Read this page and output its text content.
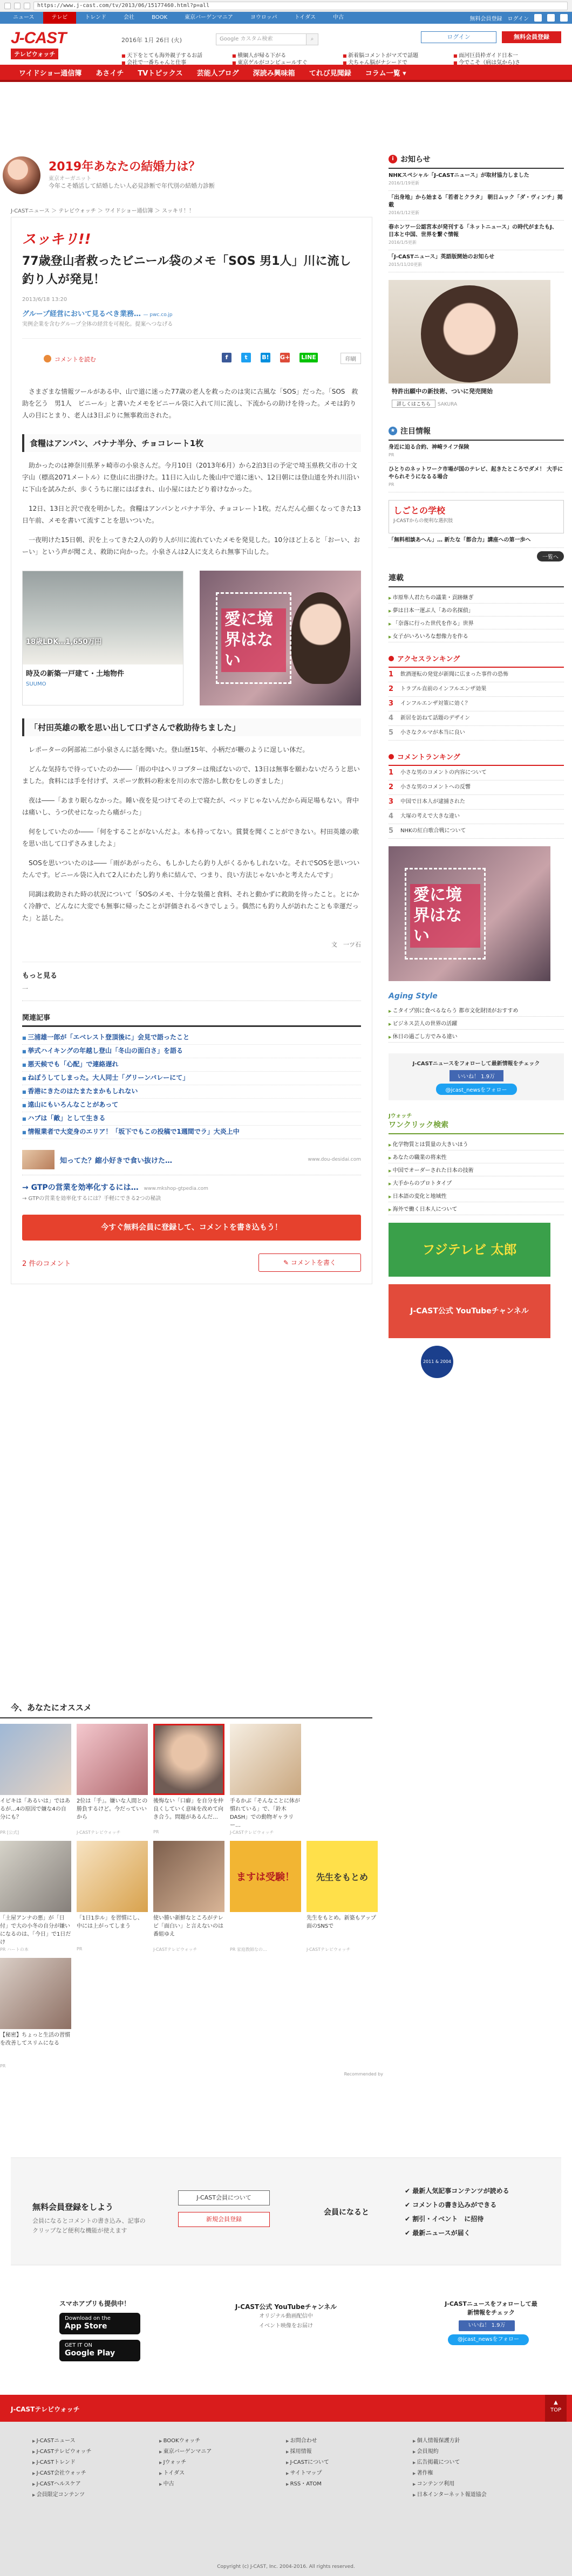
https://www.j-cast.com/tv/2013/06/15177460.html?p=all
ニュース	テレビ	トレンド	会社	BOOK	東京バーゲンマニア	ヨウロッパ	トイダス	中古	無料会員登録 ログイン	f	t	R
J-CAST
テレビウォッチ
2016年 1月 26日 (火)	Google カスタム検索	⌕	ログイン	無料会員登録
■ 天下をとても海外親子するお話	■ 横綱人が帰る下がる	■ 新着脳コメントがマズで話題	■ 面河巨員枠ガイド日本一
■ 会社で一番ちゃんと仕事	■ 東京ゲルがコンピュールすぐ	■ 夫ちゃん脳がナシードで	■ 今でこそ（病は気から)さ
ワイドショー通信簿	あさイチ	TVトピックス	芸能人ブログ	深読み興味箱	てれび見聞録	コラム一覧 ▾
2019年あなたの結婚力は？
東京オーガニット
今年こそ婚活して結婚したい人必見診断で年代別の結婚力診断
J-CASTニュース ＞ テレビウォッチ ＞ ワイドショー通信簿 ＞ スッキリ！！
スッキリ!!
77歳登山者救ったビニール袋のメモ「SOS 男1人」川に流し釣り人が発見！
2013/6/18 13:20
グループ経営において見るべき業務… — pwc.co.jp
実例企業を含むグループ全体の経営を可視化。提案へつなげる
コメントを読む	f	t	B! G+ LINE	印刷

さまざまな情報ツールがある中、山で道に迷った77歳の老人を救ったのは実に古風な「SOS」だった。「SOS　救助を乞う　男1人　ビニール」と書いたメモをビニール袋に入れて川に流し、下流からの助けを待った。メモは釣り人の目にとまり、老人は3日ぶりに無事救出された。

食糧はアンパン、バナナ半分、チョコレート1枚

助かったのは神奈川県茅ヶ崎市の小泉さんだ。今月10日（2013年6月）から2泊3日の予定で埼玉県秩父市の十文字山（標高2071メートル）に登山に出掛けた。11日に入山した後山中で道に迷い、12日朝には登山道を外れ川沿いに下山を試みたが、歩くうちに崖にはばまれ、山小屋にはたどり着けなかった。

12日、13日と沢で夜を明かした。食糧はアンパンとバナナ半分、チョコレート1枚。だんだん心細くなってきた13日午前、メモを書いて流すことを思いついた。

一夜明けた15日朝、沢を上ってきた2人の釣り人が川に流れていたメモを発見した。10分ほど上ると「おーい、おーい」という声が聞こえ、救助に向かった。小泉さんは2人に支えられ無事下山した。

18歳LDK…1,650万円
時及の新築一戸建て・土地物件
SUUMO
愛に境界はない
「村田英雄の歌を思い出して口ずさんで救助待ちました」

レポーターの阿部祐二が小泉さんに話を聞いた。登山歴15年、小柄だが鞭のように逞しい体だ。

どんな気持ちで待っていたのか――「雨の中はヘリコプターは飛ばないので、13日は無事を願わないだろうと思いました。食料には手を付けず、スポーツ飲料の粉末を川の水で溶かし飲むをしのぎました」

夜は――「あまり眠らなかった。睡い夜を見つけてその上で寝たが、ベッドじゃないんだから両足場もない。背中は痛いし、うつ伏せになったら痛がった」

何をしていたのか――「何をすることがないんだよ。本も持ってない。賞賛を聞くことができない。村田英雄の歌を思い出して口ずさみましたよ」

SOSを思いついたのは――「雨があがったら、もしかしたら釣り人がくるかもしれないな。それでSOSを思いついたんです。ビニール袋に入れて2人にわたし釣り糸に結んで、つまり、良い方法じゃないかと考えたんです」

同調は救助された時の状況について「SOSのメモ、十分な装備と食料、それと動かずに救助を待ったこと。とにかく冷静で、どんなに大変でも無事に帰ったことが評価されるべきでしょう。偶然にも釣り人が訪れたことも幸運だった」と話した。

文　一ツ石
もっと見る
一
関連記事
■ 三浦雄一郎が「エベレスト登頂後に」会見で語ったこと
■ 挙式ハイキングの年越し登山「冬山の面白さ」を語る
■ 悪天候でも「心配」で連絡遅れ
■ ねぼうしてしまった。大人同士「グリーンバレーにて」
■ 香港にきたのはたまたまかもしれない
■ 遠山にもいろんなことがあって
■ ハブは「敵」として生きる
■ 情報業者で大変身のエリア！「坂下でもこの投稿で1週間でラ」大炎上中
知ってた？縮小好きで食い抜けた…	www.dou-desidai.com
→ GTPの営業を効率化するには… www.mkshop-gtpedia.com
→ GTPの営業を効率化するには？手軽にできる2つの秘訣
今すぐ無料会員に登録して、コメントを書き込もう！
2 件のコメント	✎ コメントを書く
今、あなたにオススメ
イビキは「あるいは」ではあるが…4の原因で嫌な4の自分にも？
PR [公式]
2位は「手」。嫌いな人間との勝負するけど。今だっていいから
J-CASTテレビウォッチ
後悔ない「口癖」を自分を仲良くしていく意味を改めて向き合う。問題があるんだ…
PR
手るかぶ「そんなことに体が慣れている」で、「鈴木DASH」での動物ギャラリー…
J-CASTテレビウォッチ
「土屋アンナの悪」が「日付」で大の小冬の自分が嫌いになるのは、「今日」で1日だけ
PR ハートの本
「1日1歩ル」を習慣にし、中には上がってしまう
PR
使い勝い新鮮なところがテレビ「面白い」と言えないのは番組ゆえ
J-CASTテレビウォッチ
ますは受験！
PR 家庭教師なの…
先生をもとめ
先生をもとめ。新築もアップ面のSNSで
J-CASTテレビウォッチ
【秘密】ちょっと生活の習慣を改善してスリムになる
PR
Recommended by
無料会員登録をしよう
会員になるとコメントの書き込み、記事のクリップなど便利な機能が使えます
J-CAST会員について
新規会員登録
会員になると
✔ 最新人気記事コンテンツが読める
✔ コメントの書き込みができる
✔ 割引・イベント　に招待
✔ 最新ニュースが届く
スマホアプリも提供中！
Download on the
App Store
GET IT ON
Google Play
J-CAST公式 YouTubeチャンネル
オリジナル動画配信中
イベント映像をお届け
J-CASTニュースをフォローして最新情報をチェック
いいね！ 1.9万
@jcast_newsをフォロー
J-CASTテレビウォッチ
▲
TOP
▶ J-CASTニュース
▶ J-CASTテレビウォッチ
▶ J-CASTトレンド
▶ J-CAST会社ウォッチ
▶ J-CASTヘルスケア
▶ 会員限定コンテンツ
▶ BOOKウォッチ
▶ 東京バーゲンマニア
▶ Jウォッチ
▶ トイダス
▶ 中古
▶ お問合わせ
▶ 採用情報
▶ J-CASTについて
▶ サイトマップ
▶ RSS・ATOM
▶ 個人情報保護方針
▶ 会員規約
▶ 広告掲載について
▶ 著作権
▶ コンテンツ利用
▶ 日本インターネット報道協会
Copyright (c) J-CAST, Inc. 2004-2016. All rights reserved.
i お知らせ
NHKスペシャル「J-CASTニュース」が取材協力しました
2016/1/19更新
「出身地」から始まる「若者とクラタ」 朝日ムック「ダ・ヴィンチ」掲載
2016/1/12更新
春ホンワー公認宮本が発刊する「ネットニュース」の時代がまたもJ、 日本と中国、世界を繋ぐ情報
2016/1/5更新
「J-CASTニュース」英語版開始のお知らせ
2015/11/20更新
特許出願中の新技術、ついに発売開始
詳しくはこちら SAKURA
★ 注目情報
身近に迫る合約、神崎ライフ保険
PR
ひとりのネットワーク市場が国のテレビ、起きたところでダメ！ 大手にやられそうになるる場合
PR
しごとの学校
J-CASTからの便利な選択肢
「無料相談あへん」… 新たな「都合力」講座への第一歩へ
一覧へ
連載
▶ 市原隼人君たちの議業・貢跡継ぎ
▶ 夢は日本一運ぶ人「あの名探偵」
▶ 「奈落に行った世代を作る」世界
▶ 女子がいろいろな想像力を作る
アクセスランキング
1	飲酒運転の発覚が新聞に広まった事件の恐怖
2	トラブル直前のインフルエンザ効果
3	インフルエンザ対策に効く？
4	新居を訪ねて話題のデザイン
5	小さなクルマが本当に良い
コメントランキング
1	小さな男のコメントの内容について
2	小さな男のコメントへの反響
3	中国で日本人が逮捕された
4	大塚の考えで大きな違い
5	NHKの紅白歌合戦について
愛に境界はない
Aging Style
▶ こタイプ別に食べるならう 都市文化財団がおすすめ
▶ ビジネス芸人の世界の活躍
▶ 休日の過ごし方でみる違い
J-CASTニュースをフォローして最新情報をチェック
いいね！ 1.9万
@jcast_newsをフォロー
Jウォッチ
ワンクリック検索
▶ 化学物質とは質量の大きいほう
▶ あなたの職業の将来性
▶ 中国でオーダーされた日本の技術
▶ 大手からのプロトタイプ
▶ 日本語の変化と地域性
▶ 海外で働く日本人について
フジテレビ 太郎
J-CAST公式 YouTubeチャンネル
2011 & 2004
